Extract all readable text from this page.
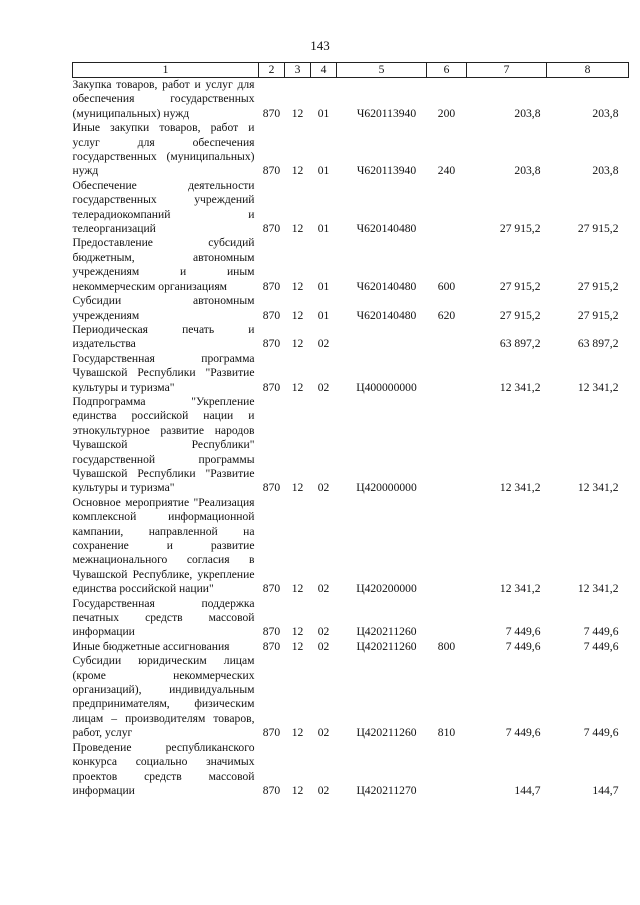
143
1	2	3	4	5	6	7	8
Закупка товаров, работ и услуг для обеспечения государственных (муниципальных) нужд	870	12	01	Ч620113940	200	203,8	203,8
Иные закупки товаров, работ и услуг для обеспечения государственных (муниципальных) нужд	870	12	01	Ч620113940	240	203,8	203,8
Обеспечение деятельности государственных учреждений телерадиокомпаний и телеорганизаций	870	12	01	Ч620140480		27 915,2	27 915,2
Предоставление субсидий бюджетным, автономным учреждениям и иным некоммерческим организациям	870	12	01	Ч620140480	600	27 915,2	27 915,2
Субсидии автономным учреждениям	870	12	01	Ч620140480	620	27 915,2	27 915,2
Периодическая печать и издательства	870	12	02			63 897,2	63 897,2
Государственная программа Чувашской Республики "Развитие культуры и туризма"	870	12	02	Ц400000000		12 341,2	12 341,2
Подпрограмма "Укрепление единства российской нации и этнокультурное развитие народов Чувашской Республики" государственной программы Чувашской Республики "Развитие культуры и туризма"	870	12	02	Ц420000000		12 341,2	12 341,2
Основное мероприятие "Реализация комплексной информационной кампании, направленной на сохранение и развитие межнационального согласия в Чувашской Республике, укрепление единства российской нации"	870	12	02	Ц420200000		12 341,2	12 341,2
Государственная поддержка печатных средств массовой информации	870	12	02	Ц420211260		7 449,6	7 449,6
Иные бюджетные ассигнования	870	12	02	Ц420211260	800	7 449,6	7 449,6
Субсидии юридическим лицам (кроме некоммерческих организаций), индивидуальным предпринимателям, физическим лицам – производителям товаров, работ, услуг	870	12	02	Ц420211260	810	7 449,6	7 449,6
Проведение республиканского конкурса социально значимых проектов средств массовой информации	870	12	02	Ц420211270		144,7	144,7
